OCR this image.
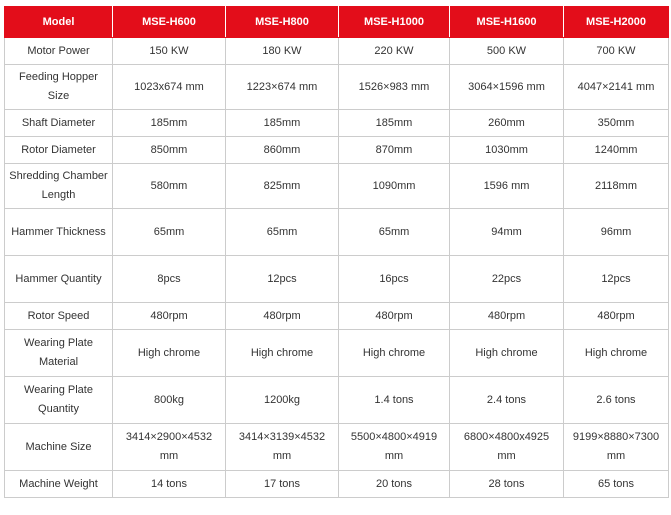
Model	MSE-H600	MSE-H800	MSE-H1000	MSE-H1600	MSE-H2000
Motor Power	150 KW	180 KW	220 KW	500 KW	700 KW
Feeding Hopper Size	1023x674 mm	1223×674 mm	1526×983 mm	3064×1596 mm	4047×2141 mm
Shaft Diameter	185mm	185mm	185mm	260mm	350mm
Rotor Diameter	850mm	860mm	870mm	1030mm	1240mm
Shredding Chamber Length	580mm	825mm	1090mm	1596 mm	2118mm
Hammer Thickness	65mm	65mm	65mm	94mm	96mm
Hammer Quantity	8pcs	12pcs	16pcs	22pcs	12pcs
Rotor Speed	480rpm	480rpm	480rpm	480rpm	480rpm
Wearing Plate Material	High chrome	High chrome	High chrome	High chrome	High chrome
Wearing Plate Quantity	800kg	1200kg	1.4 tons	2.4 tons	2.6 tons
Machine Size	3414×2900×4532 mm	3414×3139×4532 mm	5500×4800×4919 mm	6800×4800x4925 mm	9199×8880×7300 mm
Machine Weight	14 tons	17 tons	20 tons	28 tons	65 tons
